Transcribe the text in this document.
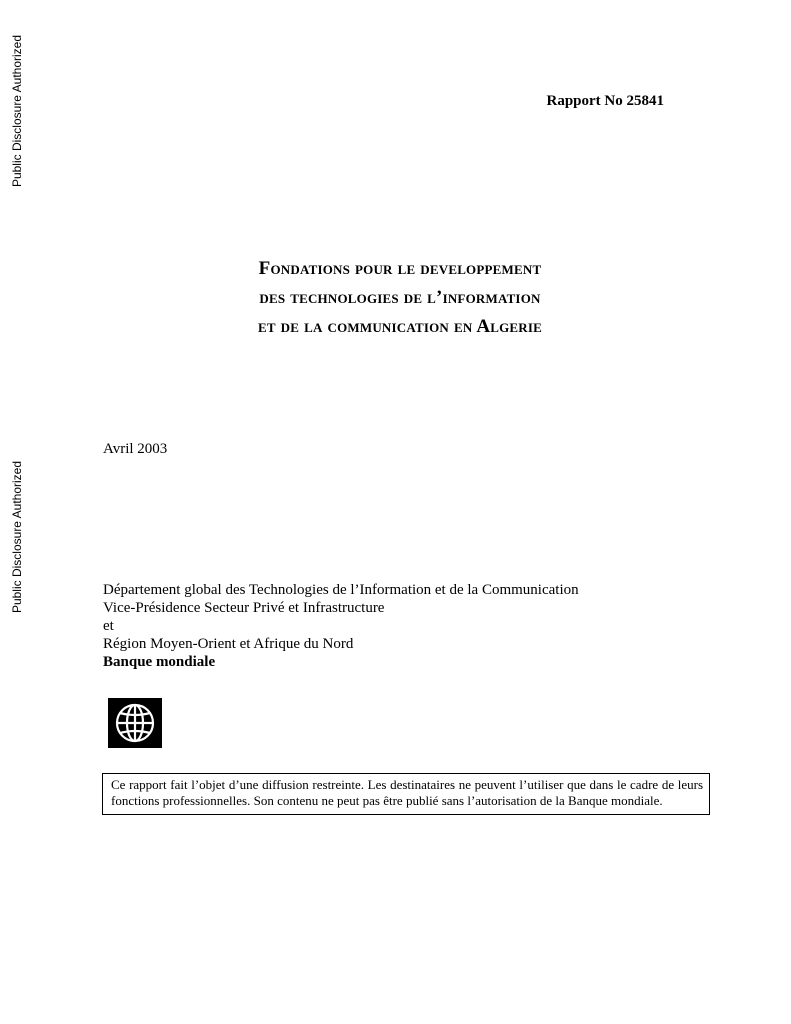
Public Disclosure Authorized
Public Disclosure Authorized
Rapport No 25841
Fondations pour le developpement
des technologies de l’information
et de la communication en Algerie
Avril 2003
Département global des Technologies de l’Information et de la Communication
Vice-Présidence Secteur Privé et Infrastructure
et
Région Moyen-Orient et Afrique du Nord
Banque mondiale
Ce rapport fait l’objet d’une diffusion restreinte. Les destinataires ne peuvent l’utiliser que dans le cadre de leurs fonctions professionnelles. Son contenu ne peut pas être publié sans l’autorisation de la Banque mondiale.
